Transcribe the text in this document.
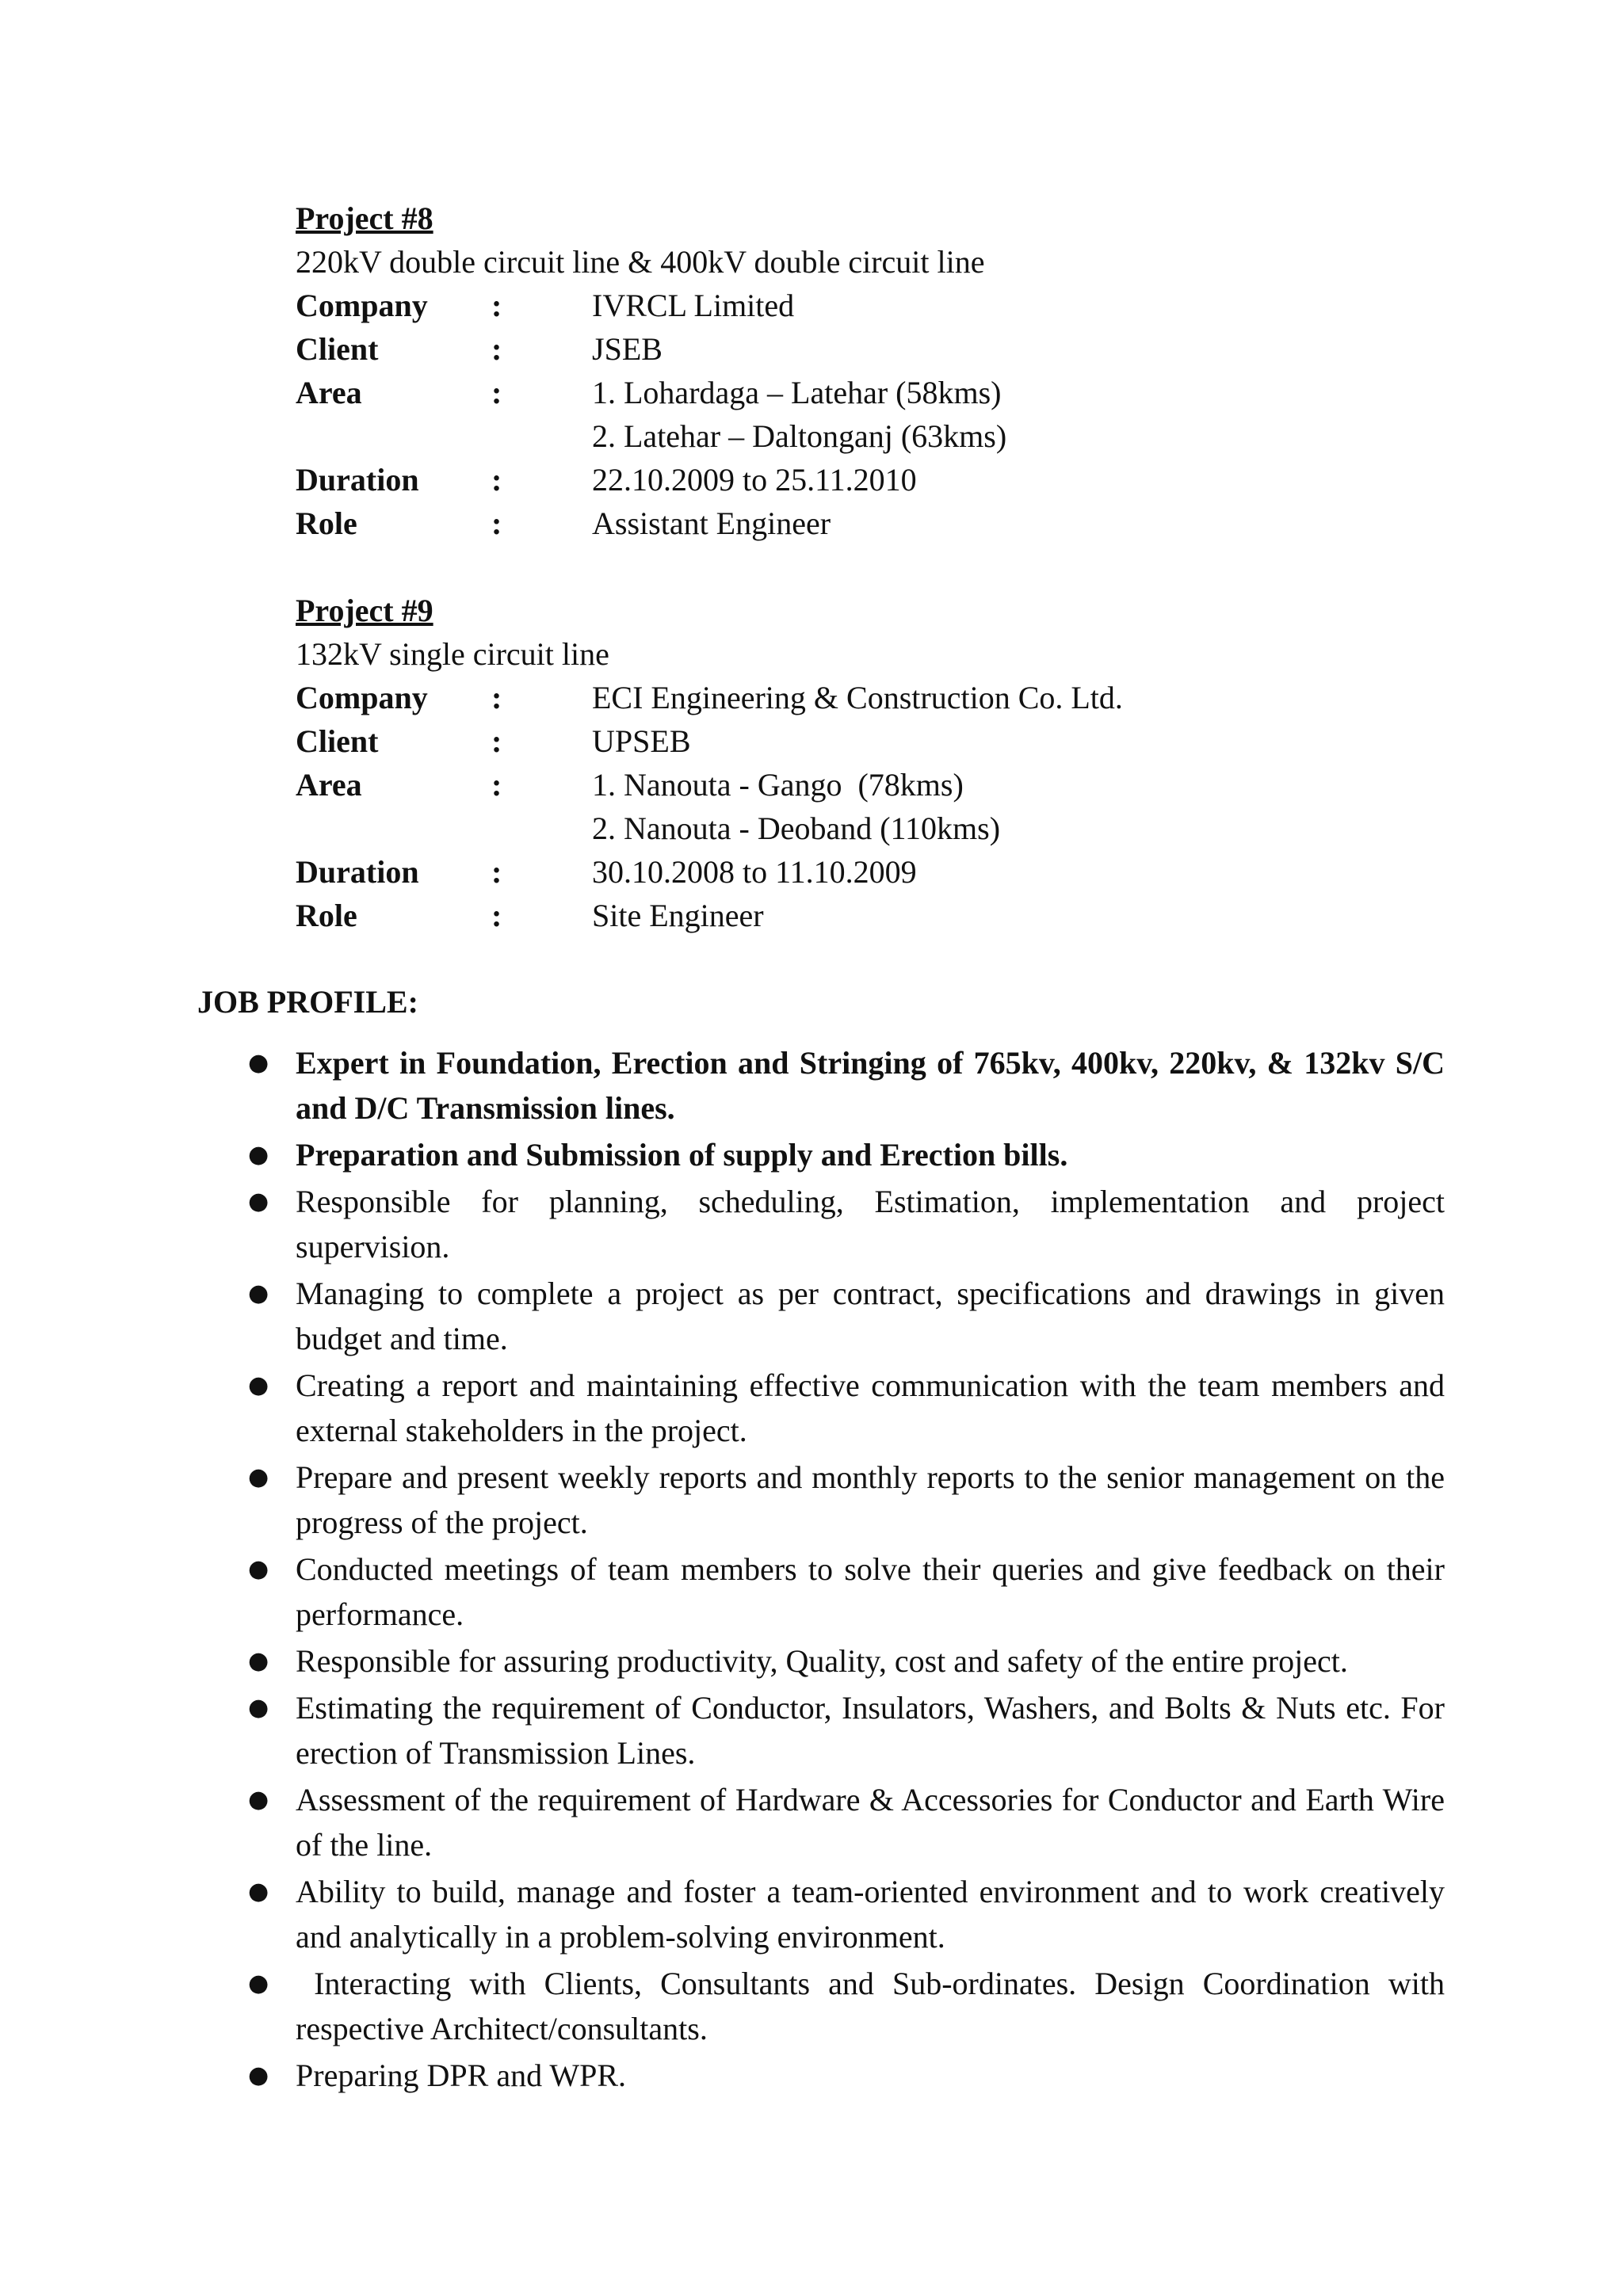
Project #8
220kV double circuit line & 400kV double circuit line
Company :	IVRCL Limited
Client	:	JSEB
Area	:	1. Lohardaga – Latehar (58kms)
2. Latehar – Daltonganj (63kms)
Duration :	22.10.2009 to 25.11.2010
Role	:	Assistant Engineer
Project #9
132kV single circuit line
Company :	ECI Engineering & Construction Co. Ltd.
Client	:	UPSEB
Area	:	1. Nanouta - Gango  (78kms)
2. Nanouta - Deoband (110kms)
Duration :	30.10.2008 to 11.10.2009
Role	:	Site Engineer
JOB PROFILE:
● Expert in Foundation, Erection and Stringing of 765kv, 400kv, 220kv, & 132kv S/C and D/C Transmission lines.
● Preparation and Submission of supply and Erection bills.
● Responsible for planning, scheduling, Estimation, implementation and project supervision.
● Managing to complete a project as per contract, specifications and drawings in given budget and time.
● Creating a report and maintaining effective communication with the team members and external stakeholders in the project.
● Prepare and present weekly reports and monthly reports to the senior management on the progress of the project.
● Conducted meetings of team members to solve their queries and give feedback on their performance.
● Responsible for assuring productivity, Quality, cost and safety of the entire project.
● Estimating the requirement of Conductor, Insulators, Washers, and Bolts & Nuts etc. For erection of Transmission Lines.
● Assessment of the requirement of Hardware & Accessories for Conductor and Earth Wire of the line.
● Ability to build, manage and foster a team-oriented environment and to work creatively and analytically in a problem-solving environment.
● Interacting with Clients, Consultants and Sub-ordinates. Design Coordination with respective Architect/consultants.
● Preparing DPR and WPR.
